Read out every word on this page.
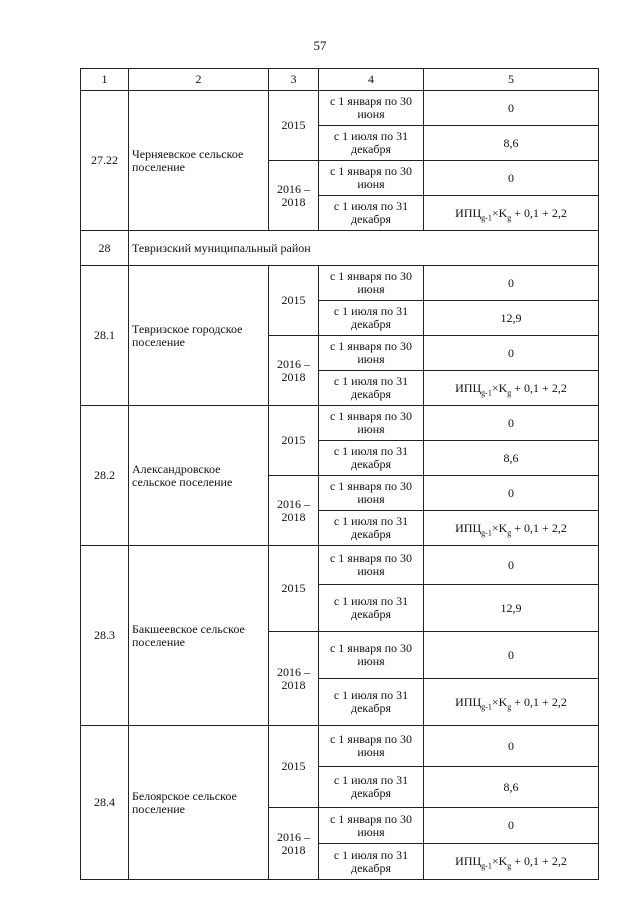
57
1	2	3	4	5
27.22	Черняевское сельское поселение	2015	с 1 января по 30 июня	0
			с 1 июля по 31 декабря	8,6
		2016 – 2018	с 1 января по 30 июня	0
			с 1 июля по 31 декабря	$ИПЦ_{g-1}\times K_g + 0,1 + 2,2$
28	Тевризский муниципальный район			
28.1	Тевризское городское поселение	2015	с 1 января по 30 июня	0
			с 1 июля по 31 декабря	12,9
		2016 – 2018	с 1 января по 30 июня	0
			с 1 июля по 31 декабря	$ИПЦ_{g-1}\times K_g + 0,1 + 2,2$
28.2	Александровское сельское поселение	2015	с 1 января по 30 июня	0
			с 1 июля по 31 декабря	8,6
		2016 – 2018	с 1 января по 30 июня	0
			с 1 июля по 31 декабря	$ИПЦ_{g-1}\times K_g + 0,1 + 2,2$
28.3	Бакшеевское сельское поселение	2015	с 1 января по 30 июня	0
			с 1 июля по 31 декабря	12,9
		2016 – 2018	с 1 января по 30 июня	0
			с 1 июля по 31 декабря	$ИПЦ_{g-1}\times K_g + 0,1 + 2,2$
28.4	Белоярское сельское поселение	2015	с 1 января по 30 июня	0
			с 1 июля по 31 декабря	8,6
		2016 – 2018	с 1 января по 30 июня	0
			с 1 июля по 31 декабря	$ИПЦ_{g-1}\times K_g + 0,1 + 2,2$
